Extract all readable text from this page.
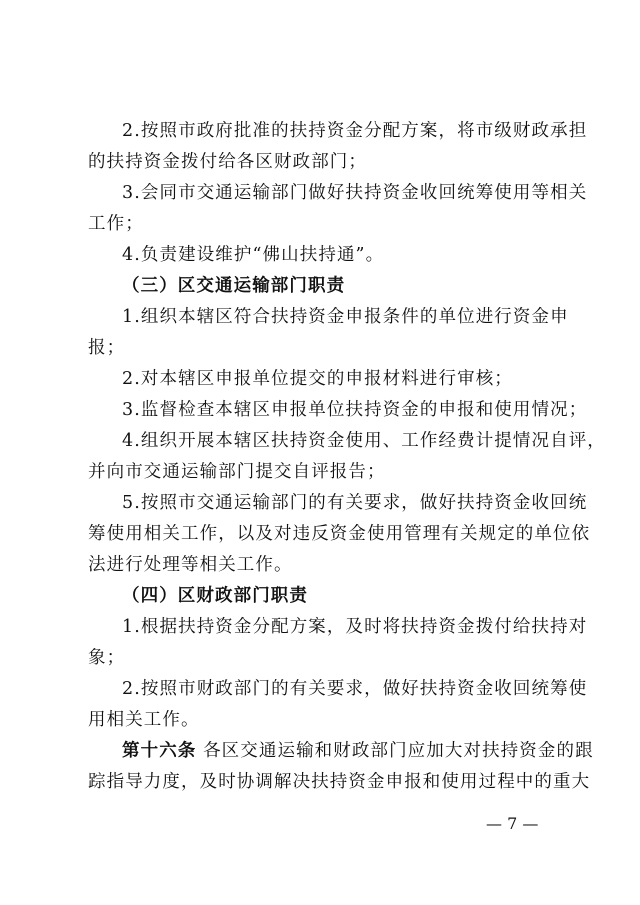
2.按照市政府批准的扶持资金分配方案，将市级财政承担
的扶持资金拨付给各区财政部门；
3.会同市交通运输部门做好扶持资金收回统筹使用等相关
工作；
4.负责建设维护“佛山扶持通”。
（三）区交通运输部门职责
1.组织本辖区符合扶持资金申报条件的单位进行资金申
报；
2.对本辖区申报单位提交的申报材料进行审核；
3.监督检查本辖区申报单位扶持资金的申报和使用情况；
4.组织开展本辖区扶持资金使用、工作经费计提情况自评，
并向市交通运输部门提交自评报告；
5.按照市交通运输部门的有关要求，做好扶持资金收回统
筹使用相关工作，以及对违反资金使用管理有关规定的单位依
法进行处理等相关工作。
（四）区财政部门职责
1.根据扶持资金分配方案，及时将扶持资金拨付给扶持对
象；
2.按照市财政部门的有关要求，做好扶持资金收回统筹使
用相关工作。
第十六条 各区交通运输和财政部门应加大对扶持资金的跟
踪指导力度，及时协调解决扶持资金申报和使用过程中的重大
— 7 —
